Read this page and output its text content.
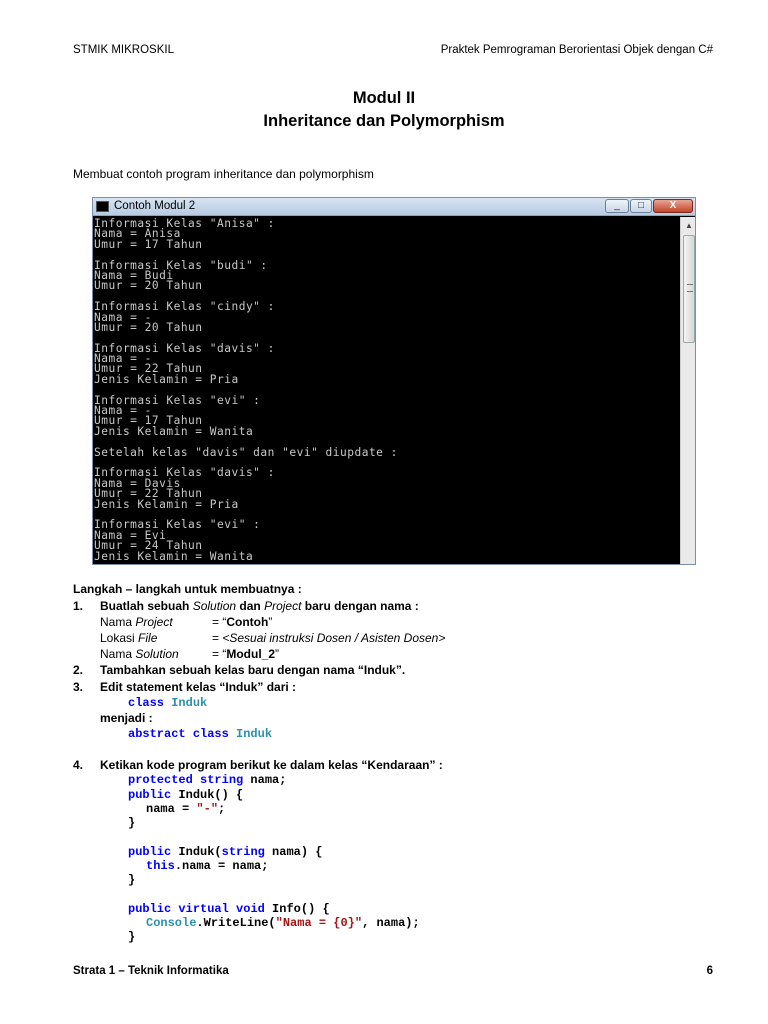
STMIK MIKROSKIL	Praktek Pemrograman Berorientasi Objek dengan C#
Modul II
Inheritance dan Polymorphism
Membuat contoh program inheritance dan polymorphism
Contoh Modul 2	_	□	X
Informasi Kelas "Anisa" :
Nama = Anisa
Umur = 17 Tahun
Informasi Kelas "budi" :
Nama = Budi
Umur = 20 Tahun
Informasi Kelas "cindy" :
Nama = -
Umur = 20 Tahun
Informasi Kelas "davis" :
Nama = -
Umur = 22 Tahun
Jenis Kelamin = Pria
Informasi Kelas "evi" :
Nama = -
Umur = 17 Tahun
Jenis Kelamin = Wanita
Setelah kelas "davis" dan "evi" diupdate :
Informasi Kelas "davis" :
Nama = Davis
Umur = 22 Tahun
Jenis Kelamin = Pria
Informasi Kelas "evi" :
Nama = Evi
Umur = 24 Tahun
Jenis Kelamin = Wanita
▲
Langkah – langkah untuk membuatnya :
1. Buatlah sebuah Solution dan Project baru dengan nama :
Nama Project	= “Contoh”
Lokasi File	= <Sesuai instruksi Dosen / Asisten Dosen>
Nama Solution	= “Modul_2”
2. Tambahkan sebuah kelas baru dengan nama “Induk”.
3. Edit statement kelas “Induk” dari :
class Induk
menjadi :
abstract class Induk
4. Ketikan kode program berikut ke dalam kelas “Kendaraan” :
protected string nama;
public Induk() {
nama = "-";
}
public Induk(string nama) {
this.nama = nama;
}
public virtual void Info() {
Console.WriteLine("Nama = {0}", nama);
}
Strata 1 – Teknik Informatika	6
